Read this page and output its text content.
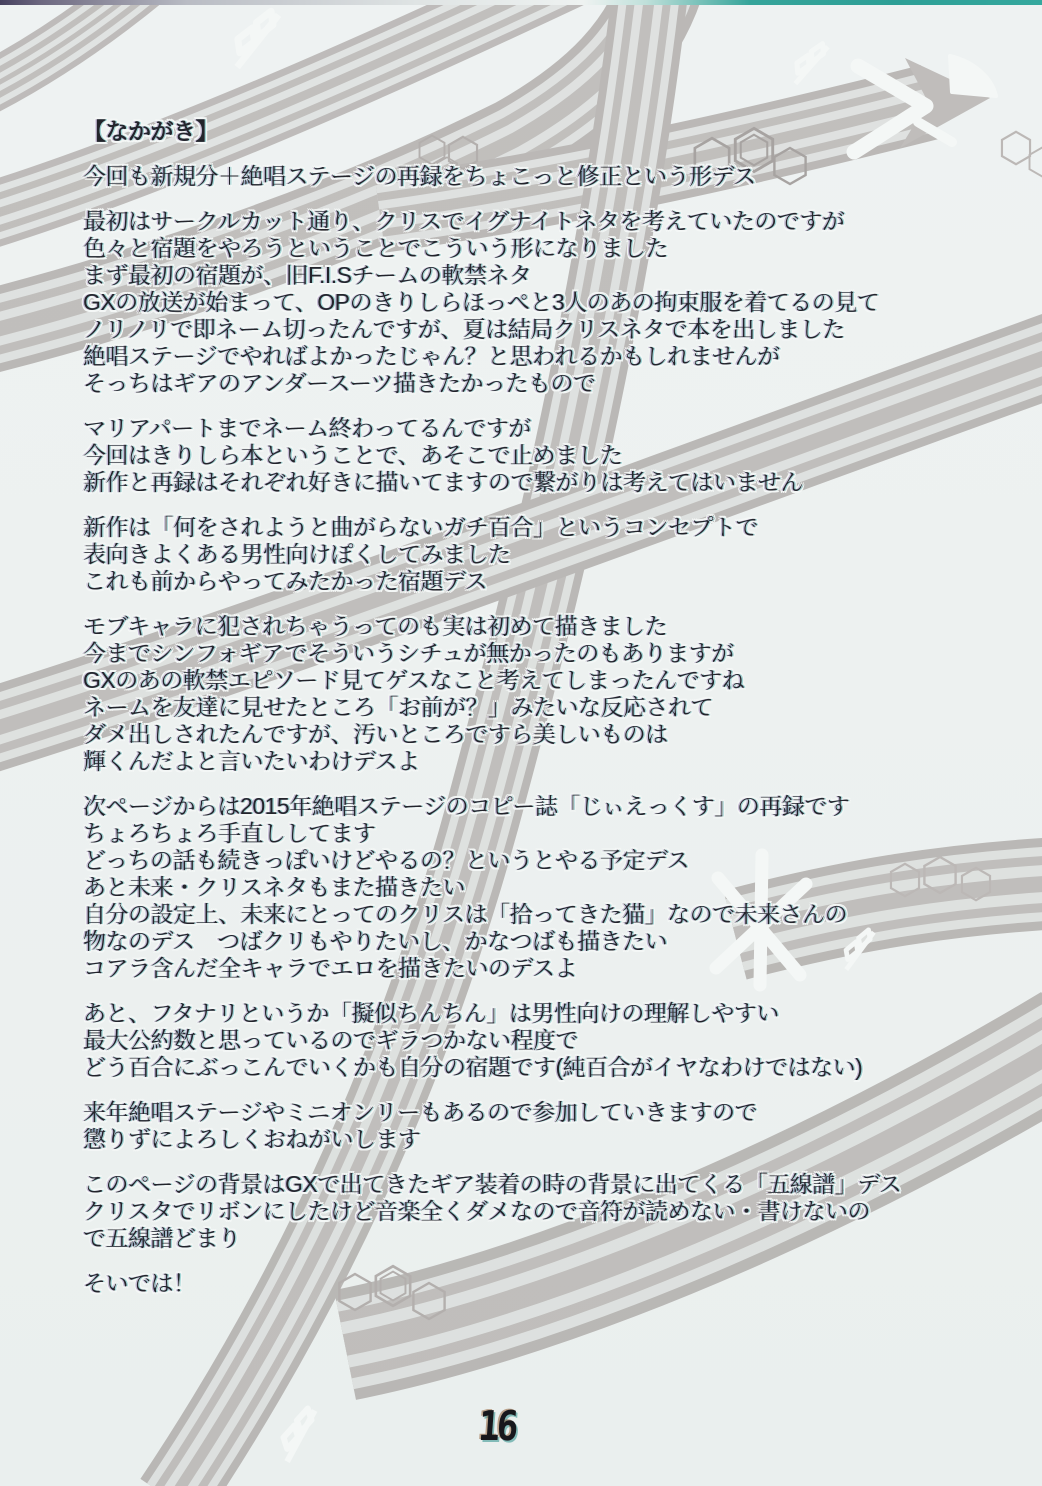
【なかがき】
今回も新規分＋絶唱ステージの再録をちょこっと修正という形デス
最初はサークルカット通り、クリスでイグナイトネタを考えていたのですが
色々と宿題をやろうということでこういう形になりました
まず最初の宿題が、旧F.I.Sチームの軟禁ネタ
GXの放送が始まって、OPのきりしらほっぺと3人のあの拘束服を着てるの見て
ノリノリで即ネーム切ったんですが、夏は結局クリスネタで本を出しました
絶唱ステージでやればよかったじゃん？と思われるかもしれませんが
そっちはギアのアンダースーツ描きたかったもので
マリアパートまでネーム終わってるんですが
今回はきりしら本ということで、あそこで止めました
新作と再録はそれぞれ好きに描いてますので繋がりは考えてはいません
新作は「何をされようと曲がらないガチ百合」というコンセプトで
表向きよくある男性向けぽくしてみました
これも前からやってみたかった宿題デス
モブキャラに犯されちゃうってのも実は初めて描きました
今までシンフォギアでそういうシチュが無かったのもありますが
GXのあの軟禁エピソード見てゲスなこと考えてしまったんですね
ネームを友達に見せたところ「お前が？」みたいな反応されて
ダメ出しされたんですが、汚いところですら美しいものは
輝くんだよと言いたいわけデスよ
次ページからは2015年絶唱ステージのコピー誌「じぃえっくす」の再録です
ちょろちょろ手直ししてます
どっちの話も続きっぽいけどやるの？というとやる予定デス
あと未来・クリスネタもまた描きたい
自分の設定上、未来にとってのクリスは「拾ってきた猫」なので未来さんの
物なのデス　つばクリもやりたいし、かなつばも描きたい
コアラ含んだ全キャラでエロを描きたいのデスよ
あと、フタナリというか「擬似ちんちん」は男性向けの理解しやすい
最大公約数と思っているのでギラつかない程度で
どう百合にぶっこんでいくかも自分の宿題です(純百合がイヤなわけではない)
来年絶唱ステージやミニオンリーもあるので参加していきますので
懲りずによろしくおねがいします
このページの背景はGXで出てきたギア装着の時の背景に出てくる「五線譜」デス
クリスタでリボンにしたけど音楽全くダメなので音符が読めない・書けないの
で五線譜どまり
そいでは！
16
